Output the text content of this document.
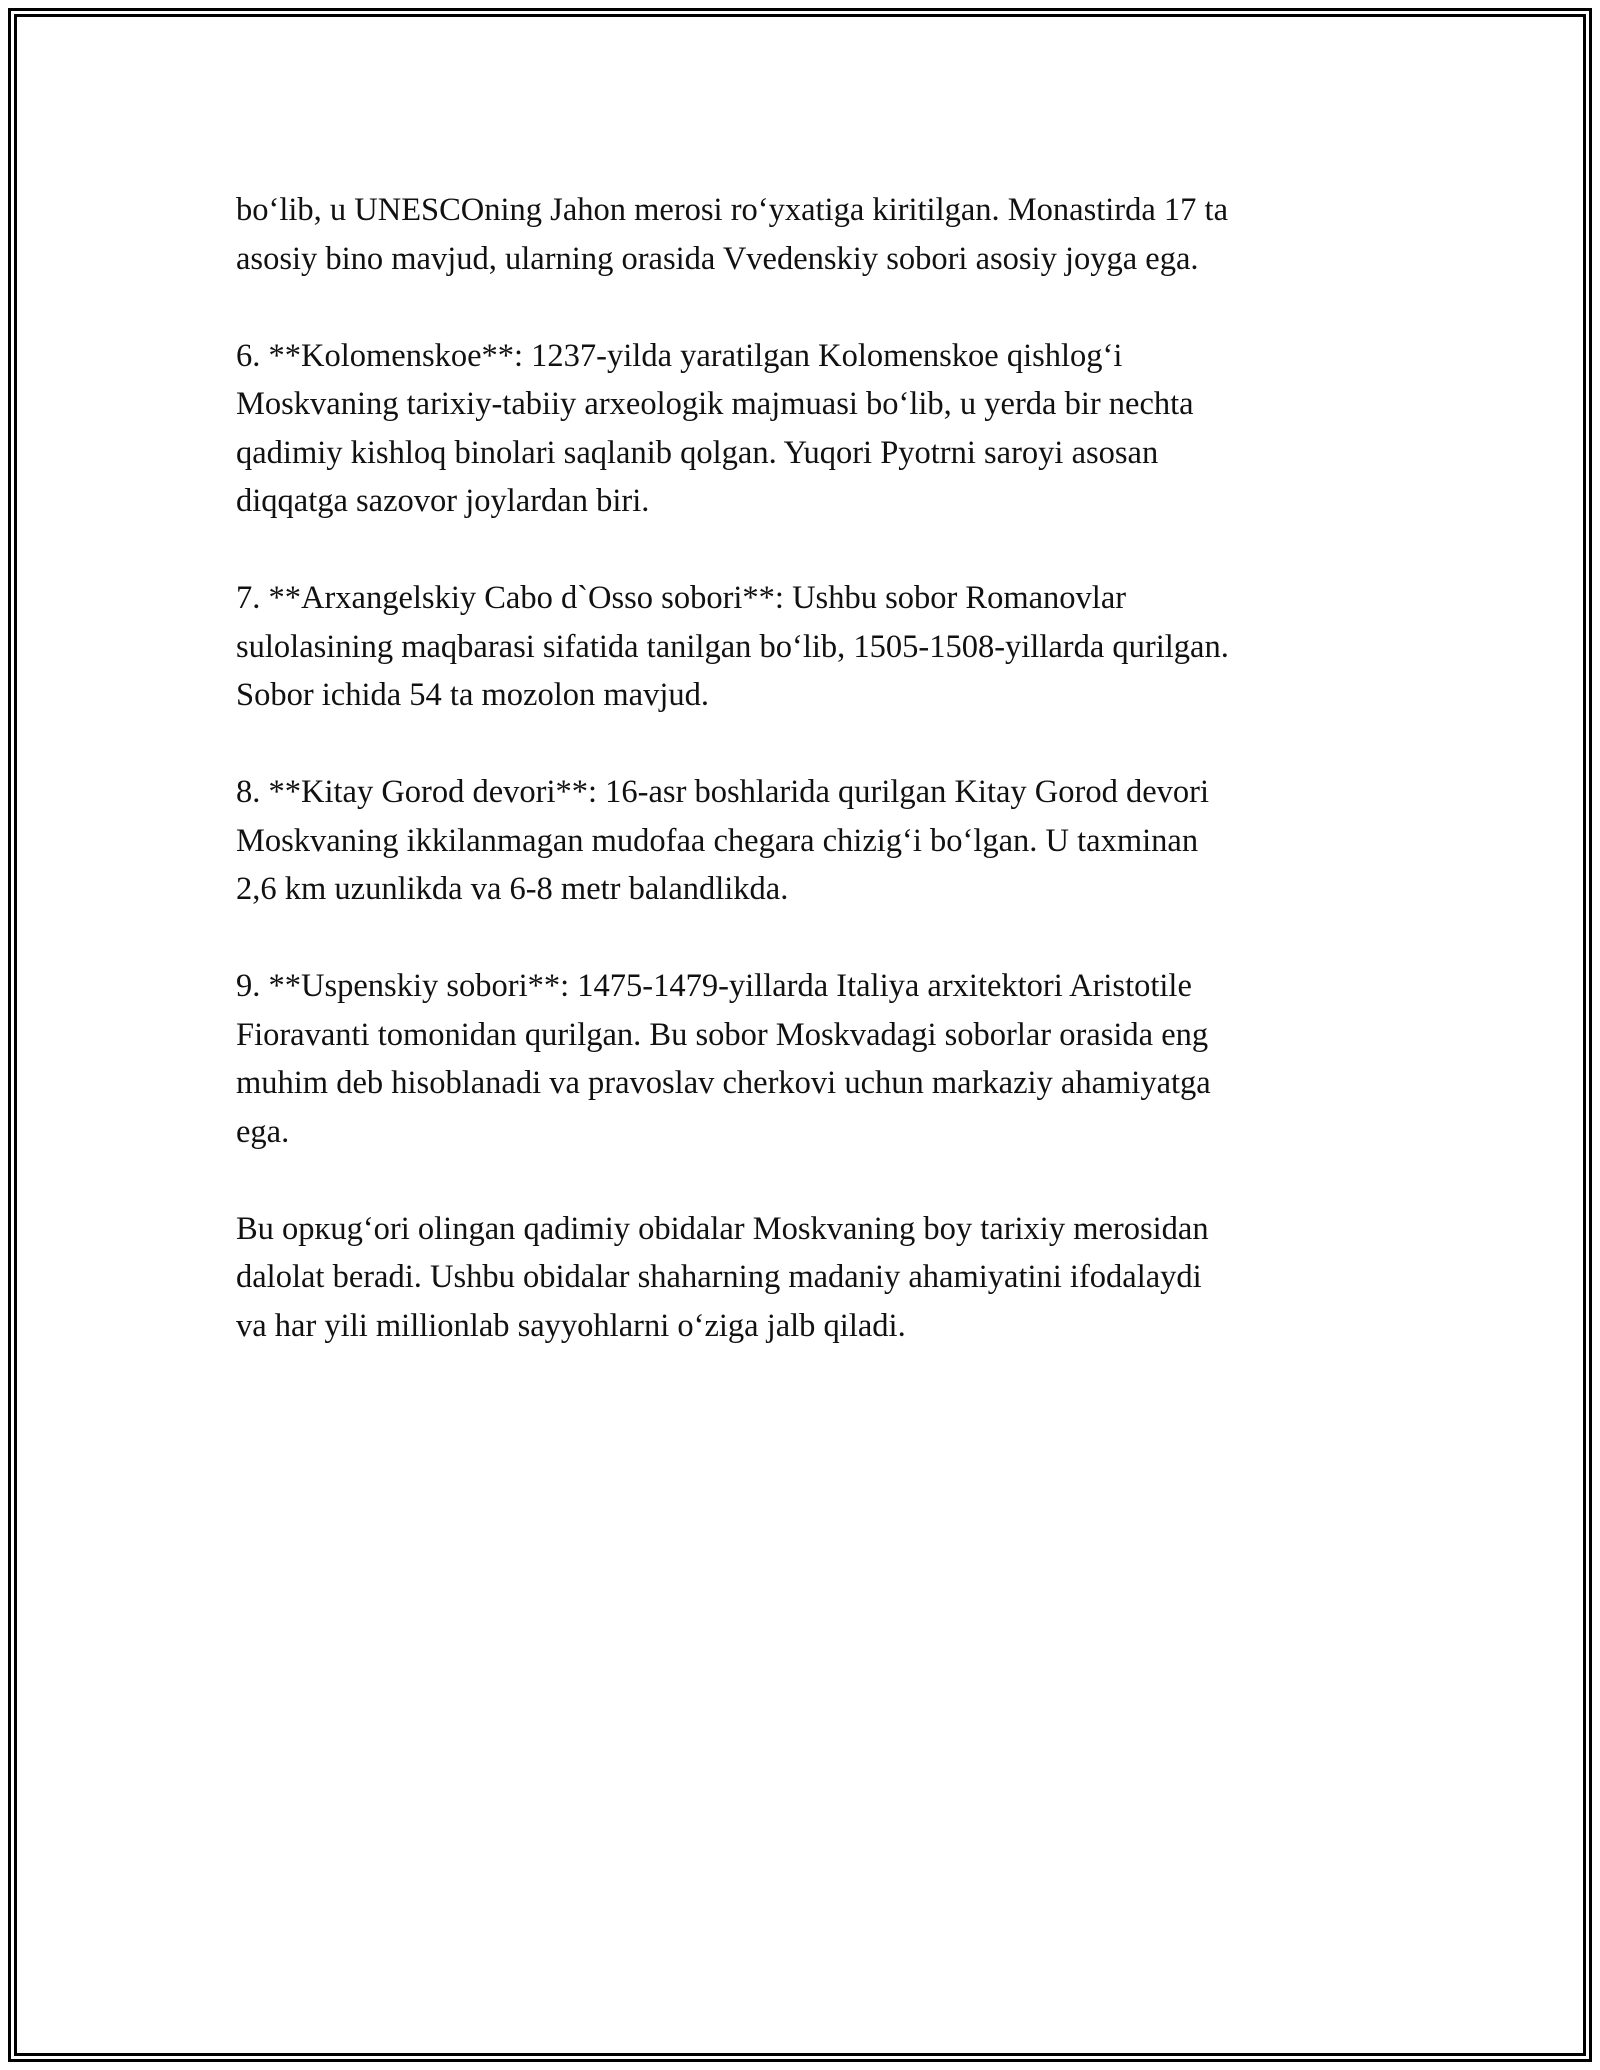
bo‘lib, u UNESCOning Jahon merosi ro‘yxatiga kiritilgan. Monastirda 17 ta
asosiy bino mavjud, ularning orasida Vvedenskiy sobori asosiy joyga ega.

6. **Kolomenskoe**: 1237-yilda yaratilgan Kolomenskoe qishlog‘i
Moskvaning tarixiy-tabiiy arxeologik majmuasi bo‘lib, u yerda bir nechta
qadimiy kishloq binolari saqlanib qolgan. Yuqori Pyotrni saroyi asosan
diqqatga sazovor joylardan biri.

7. **Arxangelskiy Cabo d`Osso sobori**: Ushbu sobor Romanovlar
sulolasining maqbarasi sifatida tanilgan bo‘lib, 1505-1508-yillarda qurilgan.
Sobor ichida 54 ta mozolon mavjud.

8. **Kitay Gorod devori**: 16-asr boshlarida qurilgan Kitay Gorod devori
Moskvaning ikkilanmagan mudofaa chegara chizig‘i bo‘lgan. U taxminan
2,6 km uzunlikda va 6-8 metr balandlikda.

9. **Uspenskiy sobori**: 1475-1479-yillarda Italiya arxitektori Aristotile
Fioravanti tomonidan qurilgan. Bu sobor Moskvadagi soborlar orasida eng
muhim deb hisoblanadi va pravoslav cherkovi uchun markaziy ahamiyatga
ega.

Bu opкug‘ori olingan qadimiy obidalar Moskvaning boy tarixiy merosidan
dalolat beradi. Ushbu obidalar shaharning madaniy ahamiyatini ifodalaydi
va har yili millionlab sayyohlarni o‘ziga jalb qiladi.
